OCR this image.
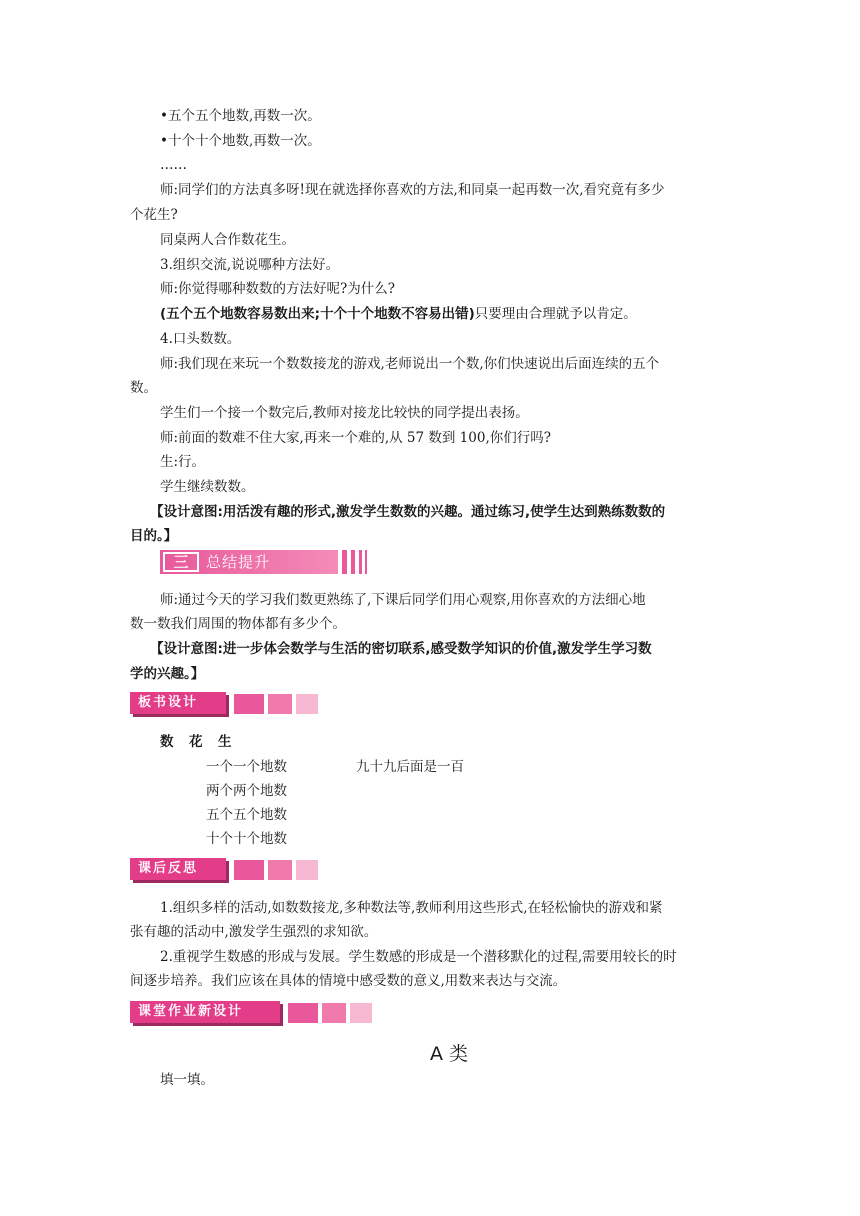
•五个五个地数,再数一次。
•十个十个地数,再数一次。
……
师:同学们的方法真多呀!现在就选择你喜欢的方法,和同桌一起再数一次,看究竟有多少
个花生?
同桌两人合作数花生。
3.组织交流,说说哪种方法好。
师:你觉得哪种数数的方法好呢?为什么?
(五个五个地数容易数出来;十个十个地数不容易出错)只要理由合理就予以肯定。
4.口头数数。
师:我们现在来玩一个数数接龙的游戏,老师说出一个数,你们快速说出后面连续的五个
数。
学生们一个接一个数完后,教师对接龙比较快的同学提出表扬。
师:前面的数难不住大家,再来一个难的,从 57 数到 100,你们行吗?
生:行。
学生继续数数。
【设计意图:用活泼有趣的形式,激发学生数数的兴趣。通过练习,使学生达到熟练数数的
目的。】
三	总结提升
师:通过今天的学习我们数更熟练了,下课后同学们用心观察,用你喜欢的方法细心地
数一数我们周围的物体都有多少个。
【设计意图:进一步体会数学与生活的密切联系,感受数学知识的价值,激发学生学习数
学的兴趣。】
板书设计
数　花　生
一个一个地数	九十九后面是一百
两个两个地数
五个五个地数
十个十个地数
课后反思
1.组织多样的活动,如数数接龙,多种数法等,教师利用这些形式,在轻松愉快的游戏和紧
张有趣的活动中,激发学生强烈的求知欲。
2.重视学生数感的形成与发展。学生数感的形成是一个潜移默化的过程,需要用较长的时
间逐步培养。我们应该在具体的情境中感受数的意义,用数来表达与交流。
课堂作业新设计
A 类
填一填。
